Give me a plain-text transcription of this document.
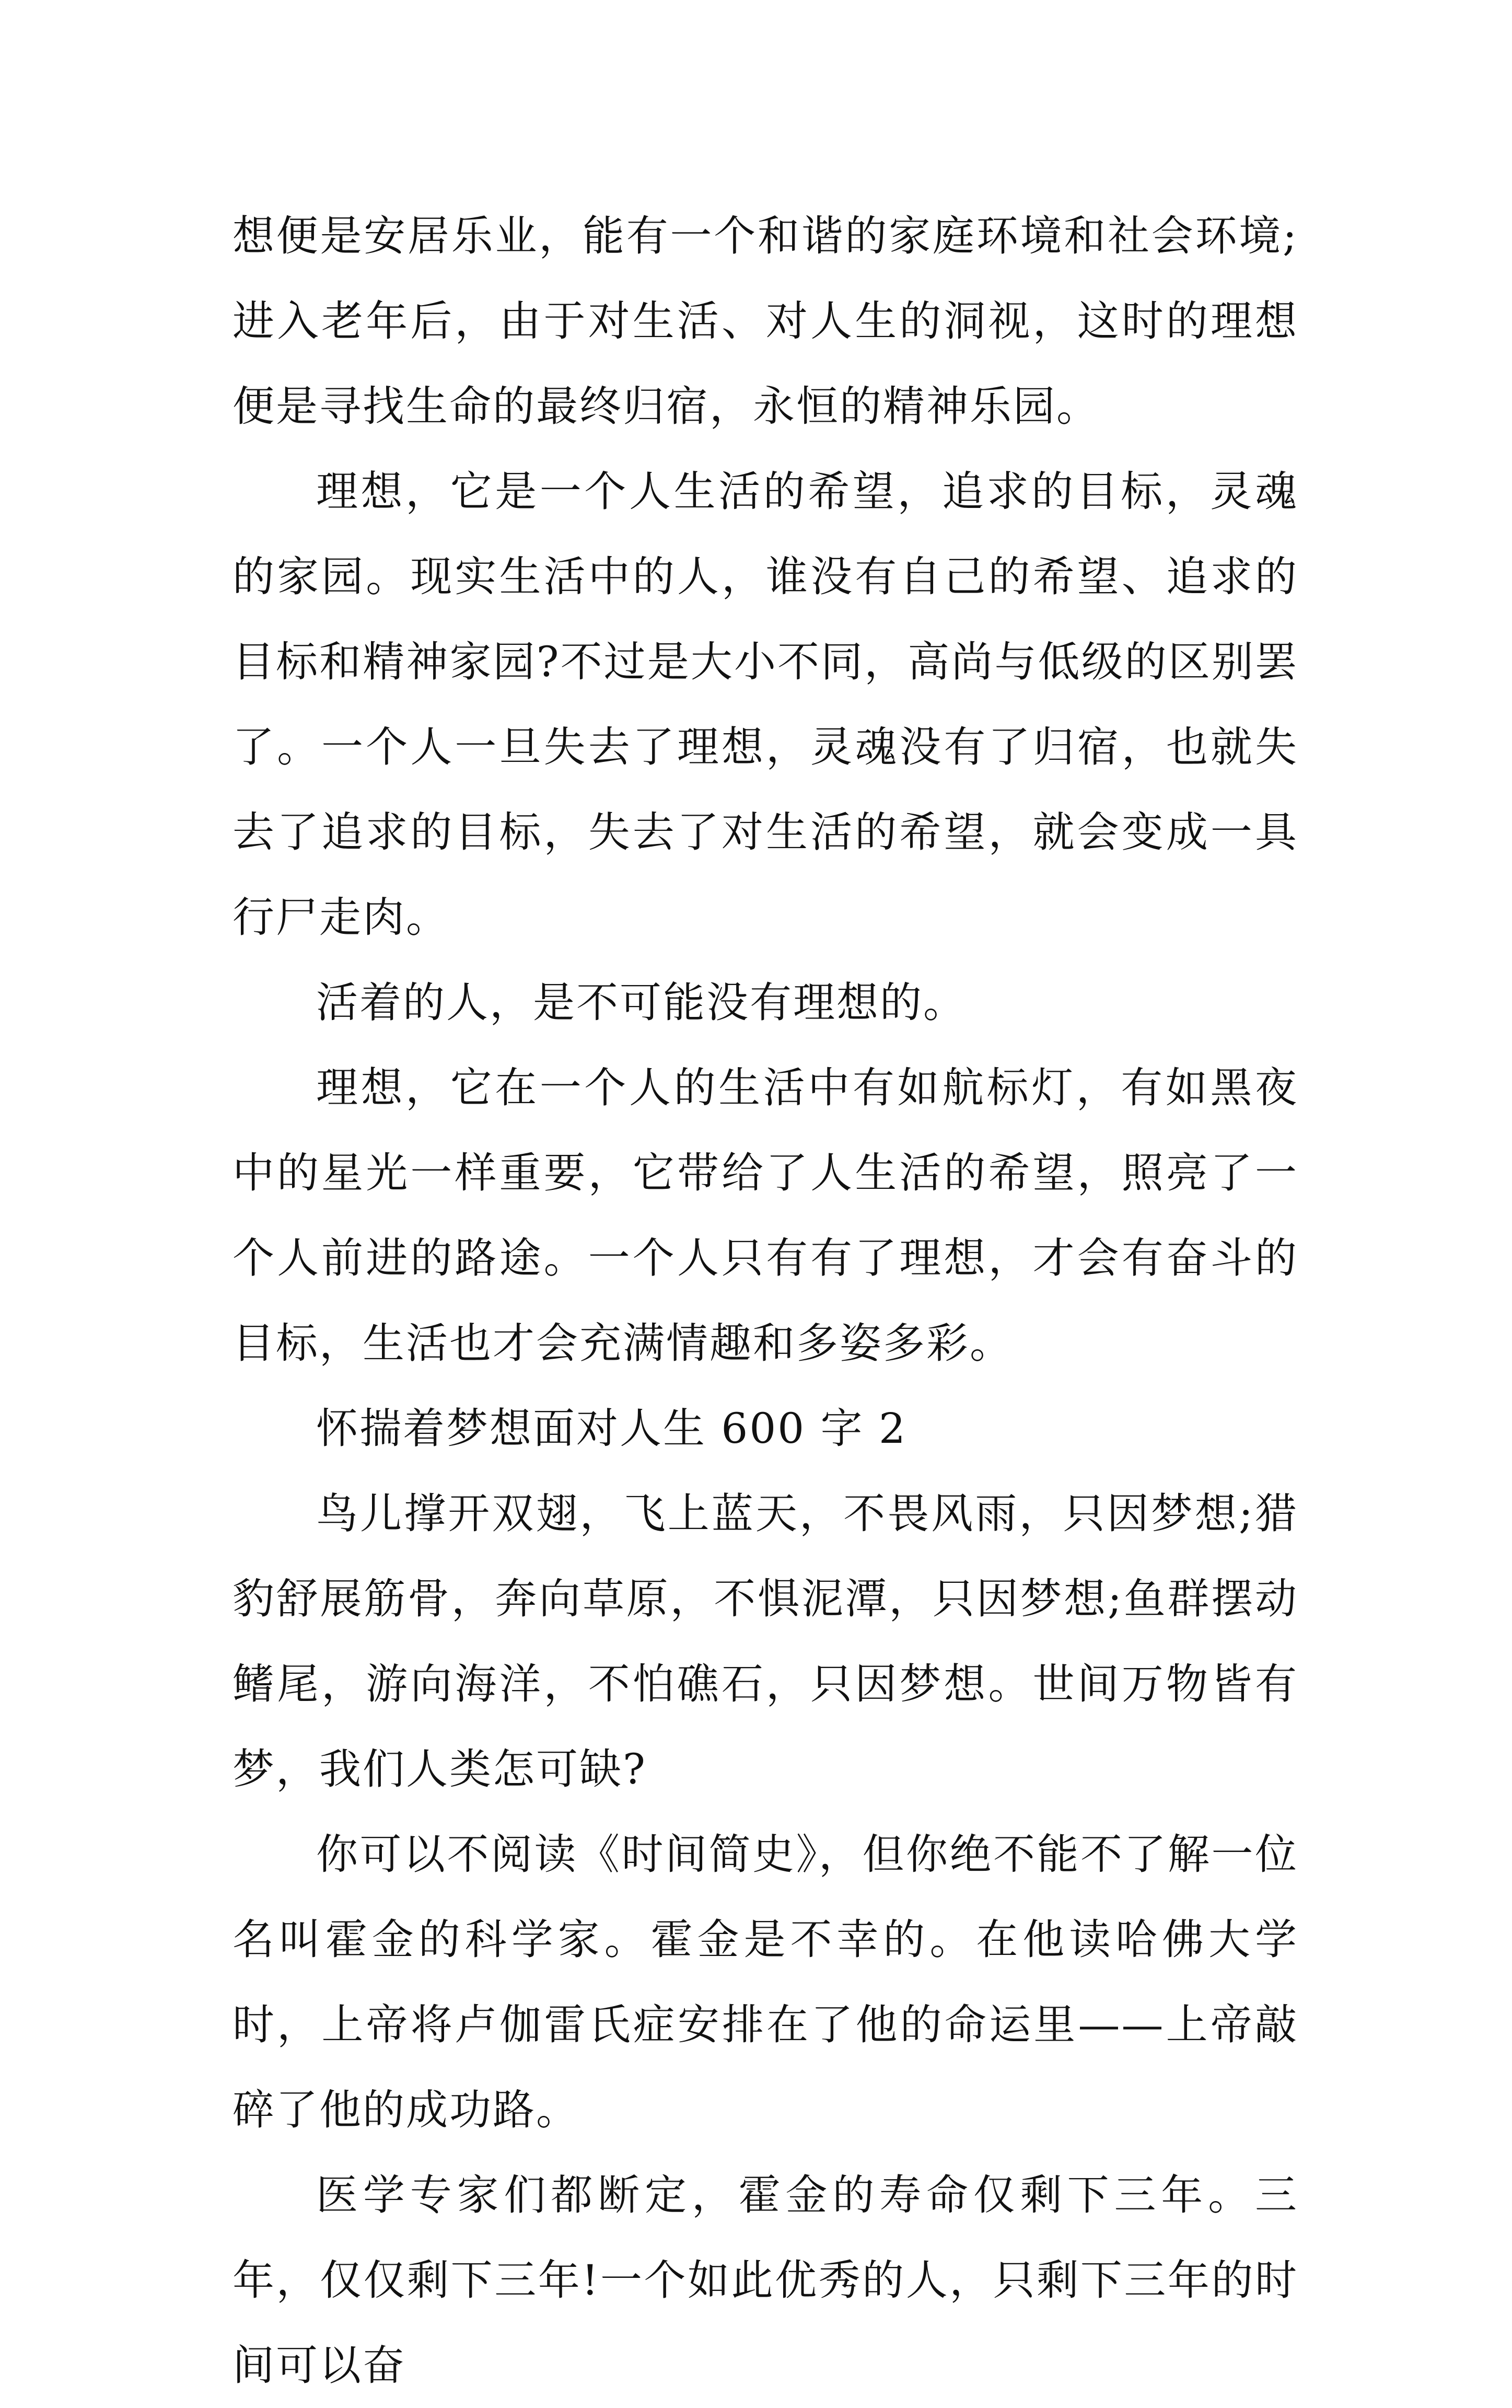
想便是安居乐业，能有一个和谐的家庭环境和社会环境;进入老年后，由于对生活、对人生的洞视，这时的理想便是寻找生命的最终归宿，永恒的精神乐园。

理想，它是一个人生活的希望，追求的目标，灵魂的家园。现实生活中的人，谁没有自己的希望、追求的目标和精神家园?不过是大小不同，高尚与低级的区别罢了。一个人一旦失去了理想，灵魂没有了归宿，也就失去了追求的目标，失去了对生活的希望，就会变成一具行尸走肉。

活着的人，是不可能没有理想的。

理想，它在一个人的生活中有如航标灯，有如黑夜中的星光一样重要，它带给了人生活的希望，照亮了一个人前进的路途。一个人只有有了理想，才会有奋斗的目标，生活也才会充满情趣和多姿多彩。

怀揣着梦想面对人生 600 字 2

鸟儿撑开双翅，飞上蓝天，不畏风雨，只因梦想;猎豹舒展筋骨，奔向草原，不惧泥潭，只因梦想;鱼群摆动鳍尾，游向海洋，不怕礁石，只因梦想。世间万物皆有梦，我们人类怎可缺?

你可以不阅读《时间简史》，但你绝不能不了解一位名叫霍金的科学家。霍金是不幸的。在他读哈佛大学时，上帝将卢伽雷氏症安排在了他的命运里——上帝敲碎了他的成功路。

医学专家们都断定，霍金的寿命仅剩下三年。三年，仅仅剩下三年!一个如此优秀的人，只剩下三年的时间可以奋
